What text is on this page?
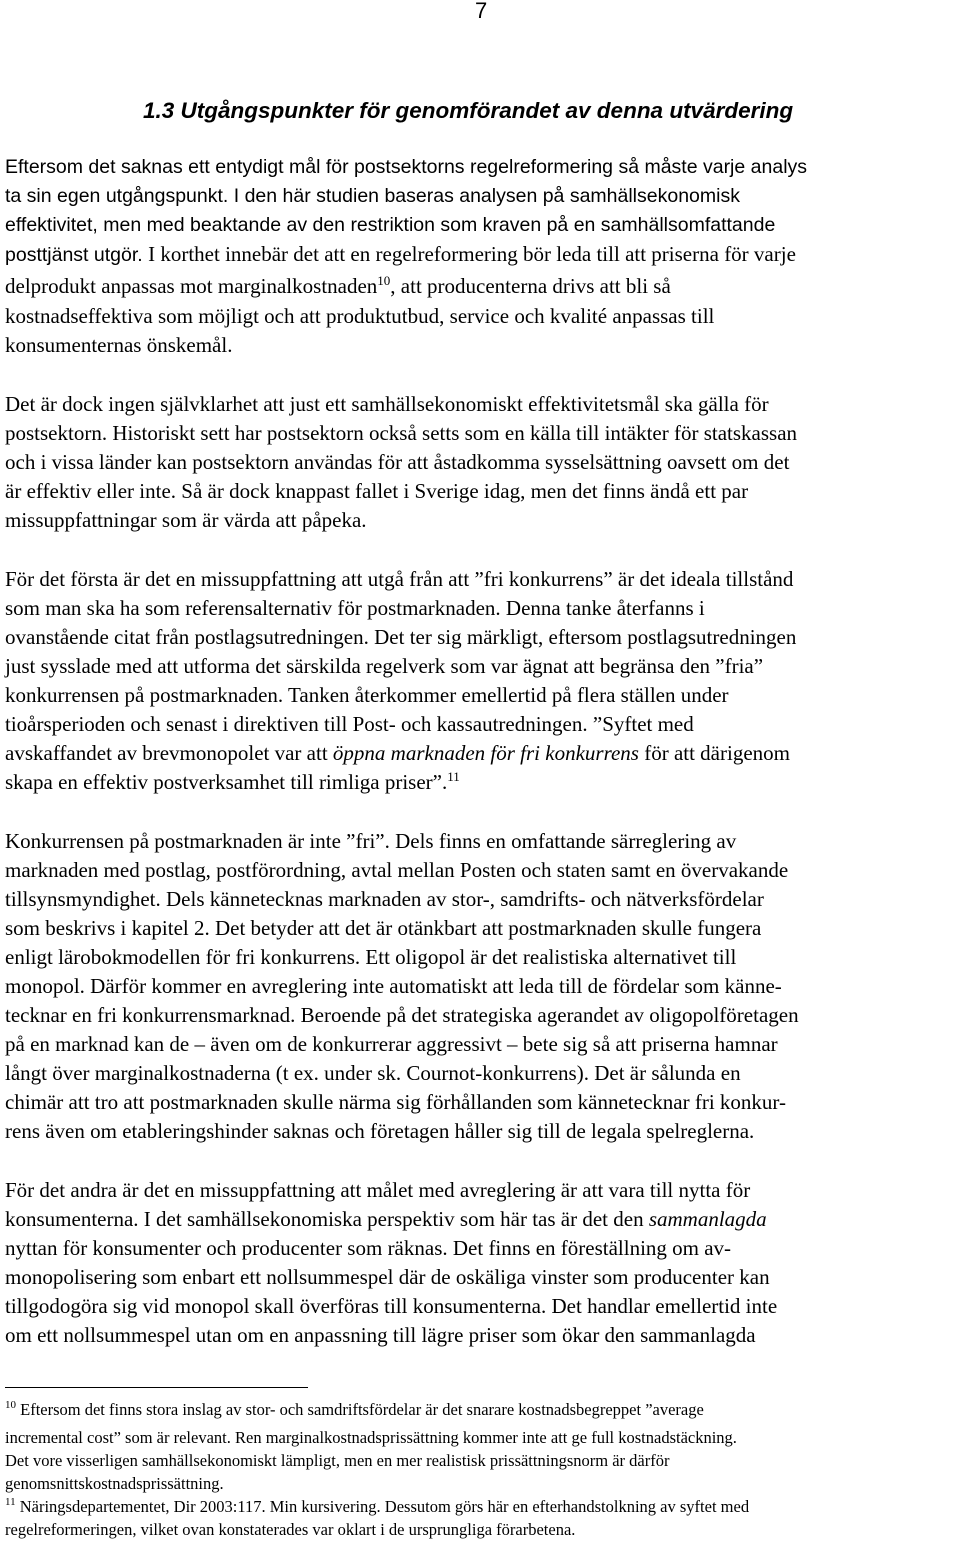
7
1.3 Utgångspunkter för genomförandet av denna utvärdering
Eftersom det saknas ett entydigt mål för postsektorns regelreformering så måste varje analys
ta sin egen utgångspunkt. I den här studien baseras analysen på samhällsekonomisk
effektivitet, men med beaktande av den restriktion som kraven på en samhällsomfattande
posttjänst utgör. I korthet innebär det att en regelreformering bör leda till att priserna för varje
delprodukt anpassas mot marginalkostnaden$^{10}$, att producenterna drivs att bli så
kostnadseffektiva som möjligt och att produktutbud, service och kvalité anpassas till
konsumenternas önskemål.
Det är dock ingen självklarhet att just ett samhällsekonomiskt effektivitetsmål ska gälla för
postsektorn. Historiskt sett har postsektorn också setts som en källa till intäkter för statskassan
och i vissa länder kan postsektorn användas för att åstadkomma sysselsättning oavsett om det
är effektiv eller inte. Så är dock knappast fallet i Sverige idag, men det finns ändå ett par
missuppfattningar som är värda att påpeka.
För det första är det en missuppfattning att utgå från att ”fri konkurrens” är det ideala tillstånd
som man ska ha som referensalternativ för postmarknaden. Denna tanke återfanns i
ovanstående citat från postlagsutredningen. Det ter sig märkligt, eftersom postlagsutredningen
just sysslade med att utforma det särskilda regelverk som var ägnat att begränsa den ”fria”
konkurrensen på postmarknaden. Tanken återkommer emellertid på flera ställen under
tioårsperioden och senast i direktiven till Post- och kassautredningen. ”Syftet med
avskaffandet av brevmonopolet var att öppna marknaden för fri konkurrens för att därigenom
skapa en effektiv postverksamhet till rimliga priser”.$^{11}$
Konkurrensen på postmarknaden är inte ”fri”. Dels finns en omfattande särreglering av
marknaden med postlag, postförordning, avtal mellan Posten och staten samt en övervakande
tillsynsmyndighet. Dels kännetecknas marknaden av stor-, samdrifts- och nätverksfördelar
som beskrivs i kapitel 2. Det betyder att det är otänkbart att postmarknaden skulle fungera
enligt lärobokmodellen för fri konkurrens. Ett oligopol är det realistiska alternativet till
monopol. Därför kommer en avreglering inte automatiskt att leda till de fördelar som känne-
tecknar en fri konkurrensmarknad. Beroende på det strategiska agerandet av oligopolföretagen
på en marknad kan de – även om de konkurrerar aggressivt – bete sig så att priserna hamnar
långt över marginalkostnaderna (t ex. under sk. Cournot-konkurrens). Det är sålunda en
chimär att tro att postmarknaden skulle närma sig förhållanden som kännetecknar fri konkur-
rens även om etableringshinder saknas och företagen håller sig till de legala spelreglerna.
För det andra är det en missuppfattning att målet med avreglering är att vara till nytta för
konsumenterna. I det samhällsekonomiska perspektiv som här tas är det den sammanlagda
nyttan för konsumenter och producenter som räknas. Det finns en föreställning om av-
monopolisering som enbart ett nollsummespel där de oskäliga vinster som producenter kan
tillgodogöra sig vid monopol skall överföras till konsumenterna. Det handlar emellertid inte
om ett nollsummespel utan om en anpassning till lägre priser som ökar den sammanlagda
$^{10}$ Eftersom det finns stora inslag av stor- och samdriftsfördelar är det snarare kostnadsbegreppet ”average
incremental cost” som är relevant. Ren marginalkostnadsprissättning kommer inte att ge full kostnadstäckning.
Det vore visserligen samhällsekonomiskt lämpligt, men en mer realistisk prissättningsnorm är därför
genomsnittskostnadsprissättning.
$^{11}$ Näringsdepartementet, Dir 2003:117. Min kursivering. Dessutom görs här en efterhandstolkning av syftet med
regelreformeringen, vilket ovan konstaterades var oklart i de ursprungliga förarbetena.
